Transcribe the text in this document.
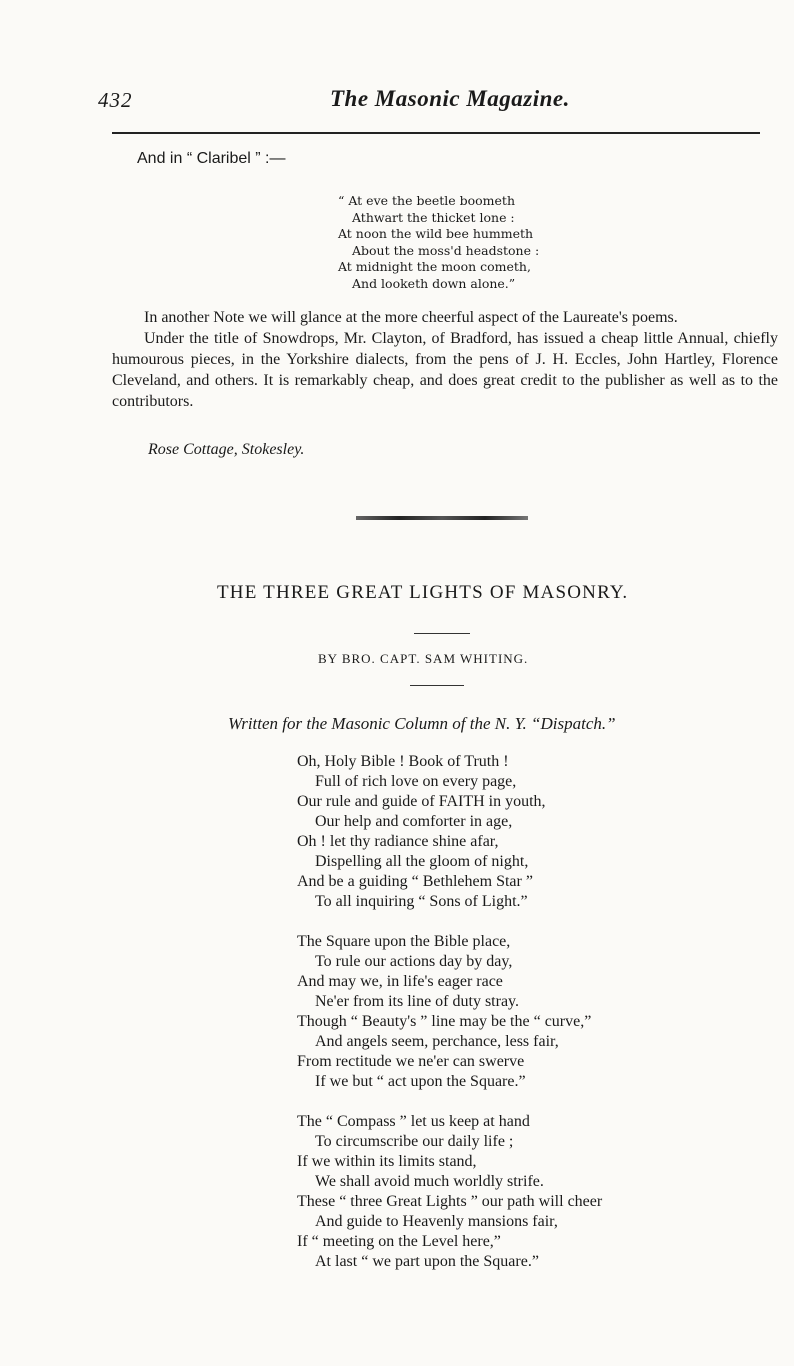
432	The Masonic Magazine.
And in “ Claribel ” :—
“ At eve the beetle boometh
Athwart the thicket lone :
At noon the wild bee hummeth
About the moss'd headstone :
At midnight the moon cometh,
And looketh down alone.”

In another Note we will glance at the more cheerful aspect of the Laureate's poems.

Under the title of Snowdrops, Mr. Clayton, of Bradford, has issued a cheap little Annual, chiefly humourous pieces, in the Yorkshire dialects, from the pens of J. H. Eccles, John Hartley, Florence Cleveland, and others. It is remarkably cheap, and does great credit to the publisher as well as to the contributors.

Rose Cottage, Stokesley.
THE THREE GREAT LIGHTS OF MASONRY.
BY BRO. CAPT. SAM WHITING.
Written for the Masonic Column of the N. Y. “Dispatch.”
Oh, Holy Bible ! Book of Truth !
Full of rich love on every page,
Our rule and guide of FAITH in youth,
Our help and comforter in age,
Oh ! let thy radiance shine afar,
Dispelling all the gloom of night,
And be a guiding “ Bethlehem Star ”
To all inquiring “ Sons of Light.”
The Square upon the Bible place,
To rule our actions day by day,
And may we, in life's eager race
Ne'er from its line of duty stray.
Though “ Beauty's ” line may be the “ curve,”
And angels seem, perchance, less fair,
From rectitude we ne'er can swerve
If we but “ act upon the Square.”
The “ Compass ” let us keep at hand
To circumscribe our daily life ;
If we within its limits stand,
We shall avoid much worldly strife.
These “ three Great Lights ” our path will cheer
And guide to Heavenly mansions fair,
If “ meeting on the Level here,”
At last “ we part upon the Square.”
